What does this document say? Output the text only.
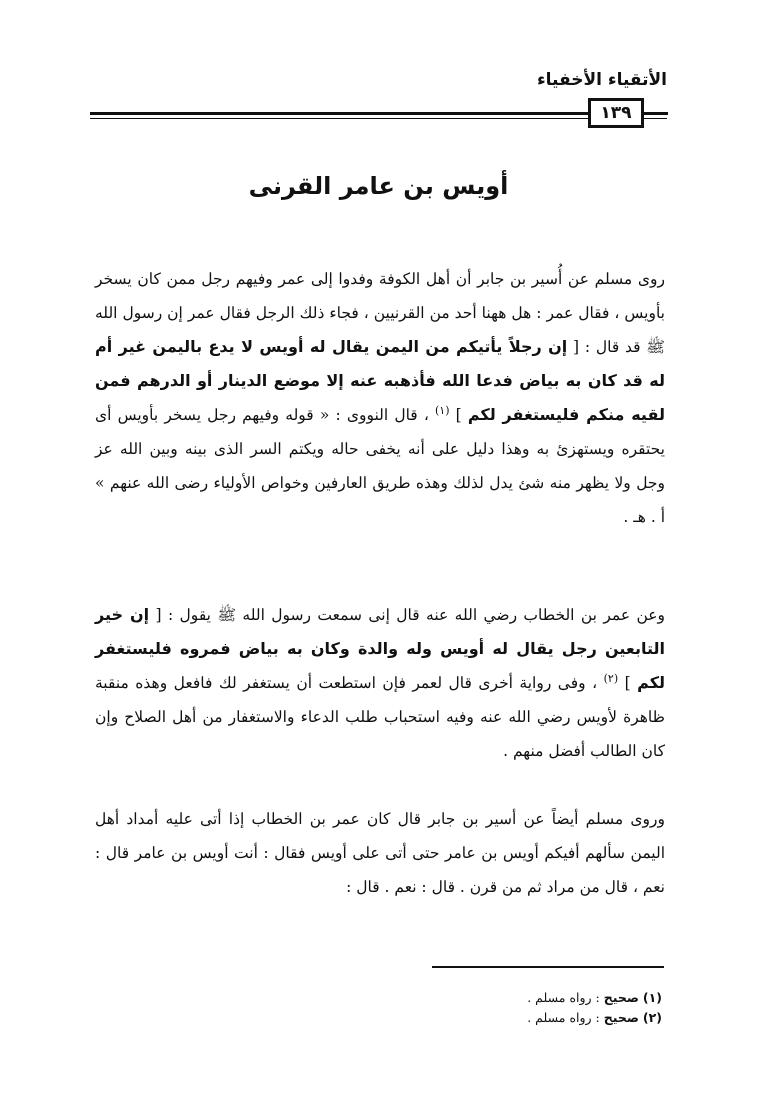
الأتقياء الأخفياء
١٣٩
أويس بن عامر القرنى

روى مسلم عن أُسير بن جابر أن أهل الكوفة وفدوا إلى عمر وفيهم رجل ممن كان يسخر بأويس ، فقال عمر : هل ههنا أحد من القرنيين ، فجاء ذلك الرجل فقال عمر إن رسول الله ﷺ قد قال : [ إن رجلاً يأتيكم من اليمن يقال له أويس لا يدع باليمن غير أم له قد كان به بياض فدعا الله فأذهبه عنه إلا موضع الدينار أو الدرهم فمن لقيه منكم فليستغفر لكم ] $^{(١)}$ ، قال النووى : « قوله وفيهم رجل يسخر بأويس أى يحتقره ويستهزئ به وهذا دليل على أنه يخفى حاله ويكتم السر الذى بينه وبين الله عز وجل ولا يظهر منه شئ يدل لذلك وهذه طريق العارفين وخواص الأولياء رضى الله عنهم » أ . هـ .

وعن عمر بن الخطاب رضي الله عنه قال إنى سمعت رسول الله ﷺ يقول : [ إن خير التابعين رجل يقال له أويس وله والدة وكان به بياض فمروه فليستغفر لكم ] $^{(٢)}$ ، وفى رواية أخرى قال لعمر فإن استطعت أن يستغفر لك فافعل وهذه منقبة ظاهرة لأويس رضي الله عنه وفيه استحباب طلب الدعاء والاستغفار من أهل الصلاح وإن كان الطالب أفضل منهم .

وروى مسلم أيضاً عن أسير بن جابر قال كان عمر بن الخطاب إذا أتى عليه أمداد أهل اليمن سألهم أفيكم أويس بن عامر حتى أتى على أويس فقال : أنت أويس بن عامر قال : نعم ، قال من مراد ثم من قرن . قال : نعم . قال :

(١) صحيح : رواه مسلم .
(٢) صحيح : رواه مسلم .
